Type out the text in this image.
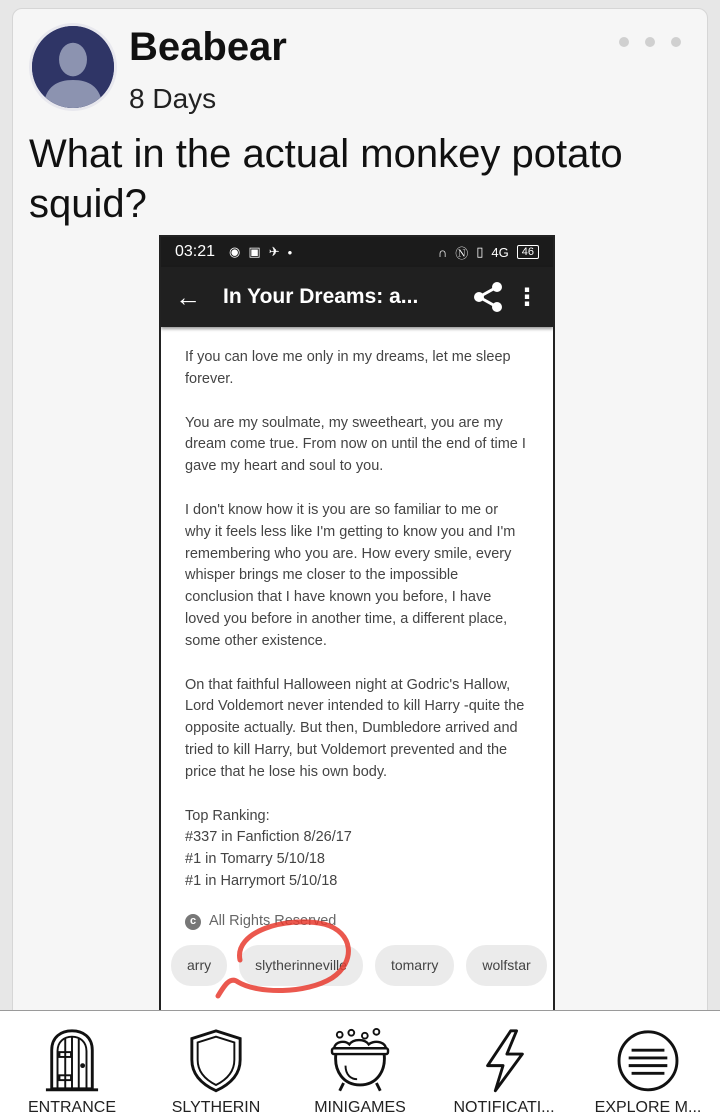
Beabear
8 Days
What in the actual monkey potato squid?
03:21 ◉ ▣ ✈ •	∩ Ⓝ ▯ 4G	46
←	In Your Dreams: a...	⋮

If you can love me only in my dreams, let me sleep forever.

You are my soulmate, my sweetheart, you are my dream come true. From now on until the end of time I gave my heart and soul to you.

I don't know how it is you are so familiar to me or why it feels less like I'm getting to know you and I'm remembering who you are. How every smile, every whisper brings me closer to the impossible conclusion that I have known you before, I have loved you before in another time, a different place, some other existence.

On that faithful Halloween night at Godric's Hallow, Lord Voldemort never intended to kill Harry -quite the opposite actually. But then, Dumbledore arrived and tried to kill Harry, but Voldemort prevented and the price that he lose his own body.

Top Ranking:
#337 in Fanfiction 8/26/17
#1 in Tomarry 5/10/18
#1 in Harrymort 5/10/18
c All Rights Reserved
arry	slytherinneville	tomarry	wolfstar
ENTRANCE	SLYTHERIN	MINIGAMES	NOTIFICATI...	EXPLORE M...
